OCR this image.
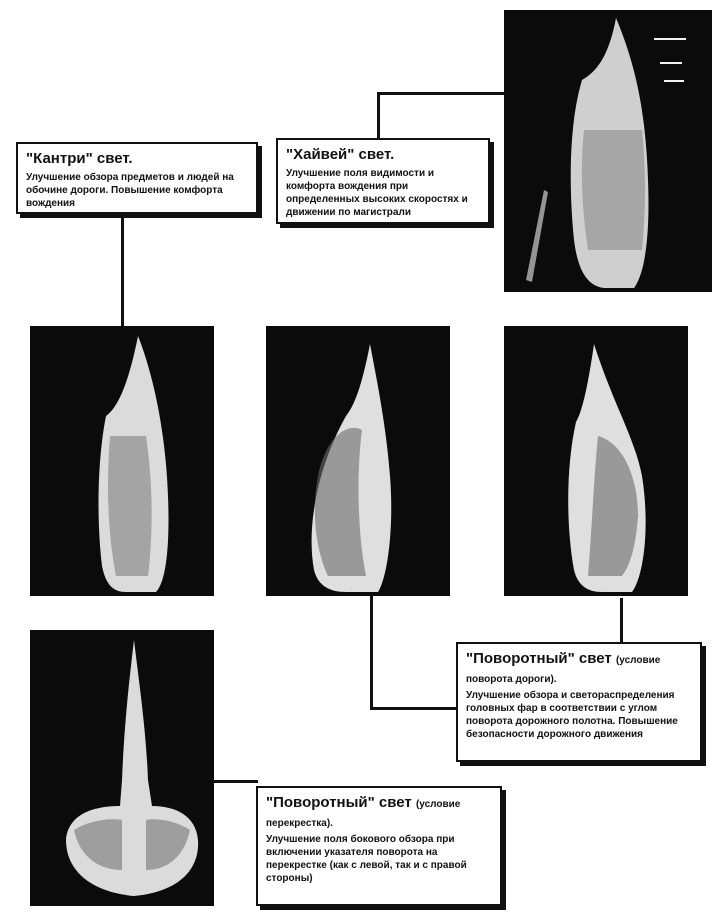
"Кантри" свет.
Улучшение обзора предметов и людей на обочине дороги. Повышение комфорта вождения
"Хайвей" свет.
Улучшение поля видимости и комфорта вождения при определенных высоких скоростях и движении по магистрали
"Поворотный" свет (условие
поворота дороги).
Улучшение обзора и светораспределения головных фар в соответствии с углом поворота дорожного полотна. Повышение безопасности дорожного движения
"Поворотный" свет (условие
перекрестка).
Улучшение поля бокового обзора при включении указателя поворота на перекрестке (как с левой, так и с правой стороны)
